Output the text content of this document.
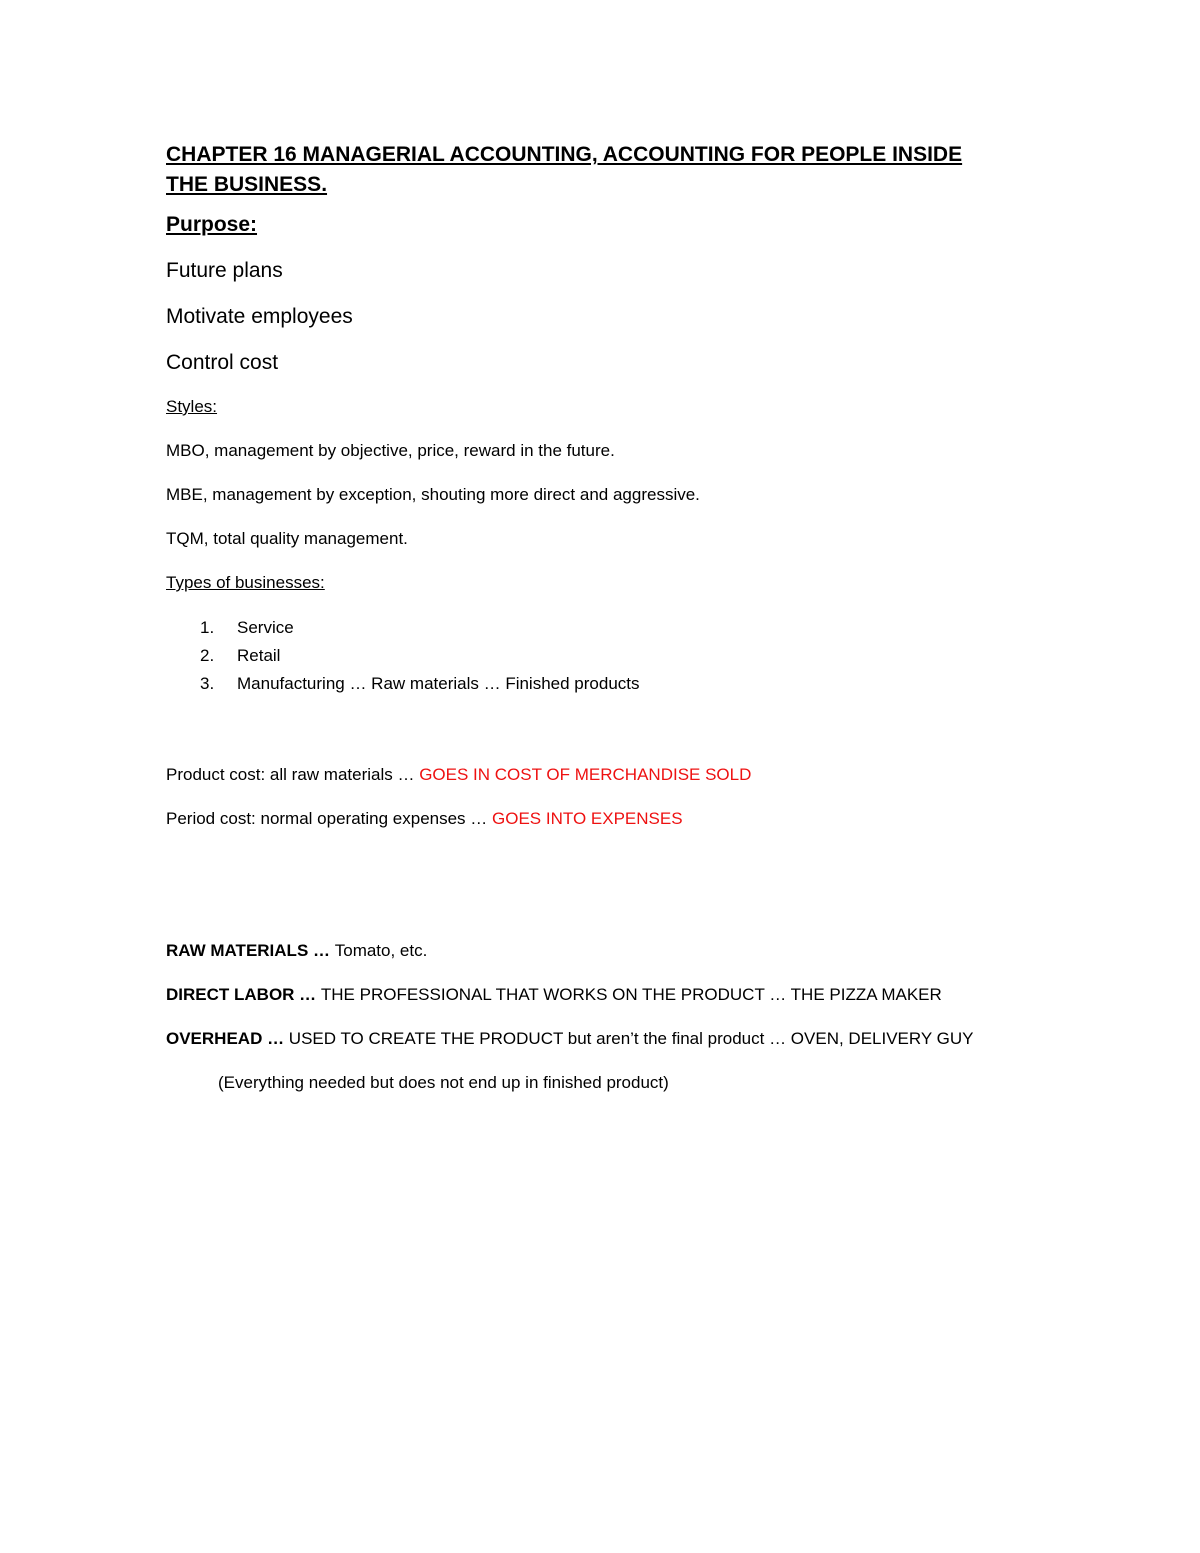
CHAPTER 16 MANAGERIAL ACCOUNTING, ACCOUNTING FOR PEOPLE INSIDE THE BUSINESS.
Purpose:
Future plans
Motivate employees
Control cost
Styles:
MBO, management by objective, price, reward in the future.
MBE, management by exception, shouting more direct and aggressive.
TQM, total quality management.
Types of businesses:
1.	Service
2.	Retail
3.	Manufacturing … Raw materials … Finished products
Product cost: all raw materials … GOES IN COST OF MERCHANDISE SOLD
Period cost: normal operating expenses … GOES INTO EXPENSES
RAW MATERIALS … Tomato, etc.
DIRECT LABOR … THE PROFESSIONAL THAT WORKS ON THE PRODUCT … THE PIZZA MAKER
OVERHEAD … USED TO CREATE THE PRODUCT but aren’t the final product … OVEN, DELIVERY GUY
(Everything needed but does not end up in finished product)
